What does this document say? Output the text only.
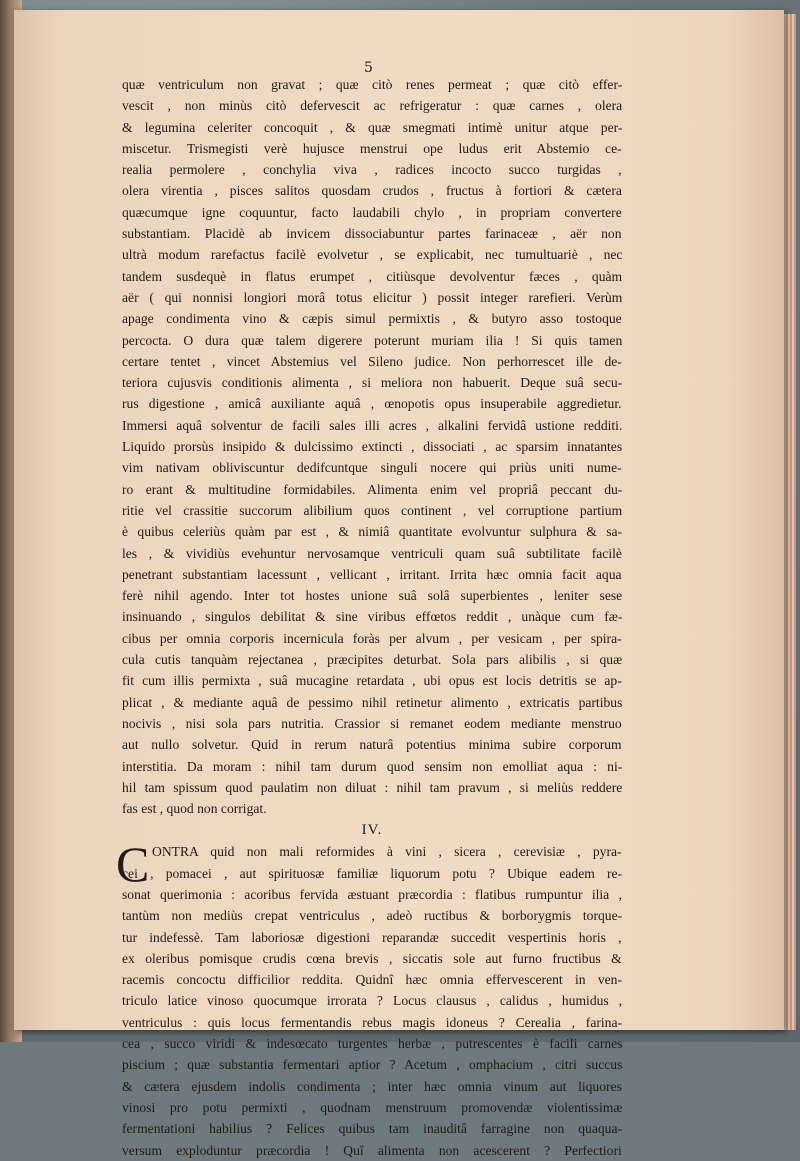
5
quæ ventriculum non gravat ; quæ citò renes permeat ; quæ citò effer-
vescit , non minùs citò defervescit ac refrigeratur : quæ carnes , olera
& legumina celeriter concoquit , & quæ smegmati intimè unitur atque per-
miscetur. Trismegisti verè hujusce menstrui ope ludus erit Abstemio ce-
realia permolere , conchylia viva , radices incocto succo turgidas ,
olera virentia , pisces salitos quosdam crudos , fructus à fortiori & cætera
quæcumque igne coquuntur, facto laudabili chylo , in propriam convertere
substantiam. Placidè ab invicem dissociabuntur partes farinaceæ , aër non
ultrà modum rarefactus facilè evolvetur , se explicabit, nec tumultuariè , nec
tandem susdequè in flatus erumpet , citiùsque devolventur fæces , quàm
aër ( qui nonnisi longiori morâ totus elicitur ) possit integer rarefieri. Verùm
apage condimenta vino & cæpis simul permixtis , & butyro asso tostoque
percocta. O dura quæ talem digerere poterunt muriam ilia ! Si quis tamen
certare tentet , vincet Abstemius vel Sileno judice. Non perhorrescet ille de-
teriora cujusvis conditionis alimenta , si meliora non habuerit. Deque suâ secu-
rus digestione , amicâ auxiliante aquâ , œnopotis opus insuperabile aggredietur.
Immersi aquâ solventur de facili sales illi acres , alkalini fervidâ ustione redditi.
Liquido prorsùs insipido & dulcissimo extincti , dissociati , ac sparsim innatantes
vim nativam obliviscuntur dedifcuntque singuli nocere qui priùs uniti nume-
ro erant & multitudine formidabiles. Alimenta enim vel propriâ peccant du-
ritie vel crassitie succorum alibilium quos continent , vel corruptione partium
è quibus celeriùs quàm par est , & nimiâ quantitate evolvuntur sulphura & sa-
les , & vividiùs evehuntur nervosamque ventriculi quam suâ subtilitate facilè
penetrant substantiam lacessunt , vellicant , irritant. Irrita hæc omnia facit aqua
ferè nihil agendo. Inter tot hostes unione suâ solâ superbientes , leniter sese
insinuando , singulos debilitat & sine viribus effœtos reddit , unàque cum fæ-
cibus per omnia corporis incernicula foràs per alvum , per vesicam , per spira-
cula cutis tanquàm rejectanea , præcipites deturbat. Sola pars alibilis , si quæ
fit cum illis permixta , suâ mucagine retardata , ubi opus est locis detritis se ap-
plicat , & mediante aquâ de pessimo nihil retinetur alimento , extricatis partibus
nocivis , nisi sola pars nutritia. Crassior si remanet eodem mediante menstruo
aut nullo solvetur. Quid in rerum naturâ potentius minima subire corporum
interstitia. Da moram : nihil tam durum quod sensim non emolliat aqua : ni-
hil tam spissum quod paulatim non diluat : nihil tam pravum , si meliùs reddere
fas est , quod non corrigat.
IV.
C ONTRA quid non mali reformides à vini , sicera , cerevisiæ , pyra-
cei , pomacei , aut spirituosæ familiæ liquorum potu ? Ubique eadem re-
sonat querimonia : acoribus fervida æstuant præcordia : flatibus rumpuntur ilia ,
tantùm non mediùs crepat ventriculus , adeò ructibus & borborygmis torque-
tur indefessè. Tam laboriosæ digestioni reparandæ succedit vespertinis horis ,
ex oleribus pomisque crudis cœna brevis , siccatis sole aut furno fructibus &
racemis concoctu difficilior reddita. Quidnî hæc omnia effervescerent in ven-
triculo latice vinoso quocumque irrorata ? Locus clausus , calidus , humidus ,
ventriculus : quis locus fermentandis rebus magis idoneus ? Cerealia , farina-
cea , succo viridi & indesœcato turgentes herbæ , putrescentes è facili carnes
piscium ; quæ substantia fermentari aptior ? Acetum , omphacium , citri succus
& cætera ejusdem indolis condimenta ; inter hæc omnia vinum aut liquores
vinosi pro potu permixti , quodnam menstruum promovendæ violentissimæ
fermentationi habilius ? Felices quibus tam inauditâ farragine non quaqua-
versum exploduntur præcordia ! Quî alimenta non acescerent ? Perfectiori
